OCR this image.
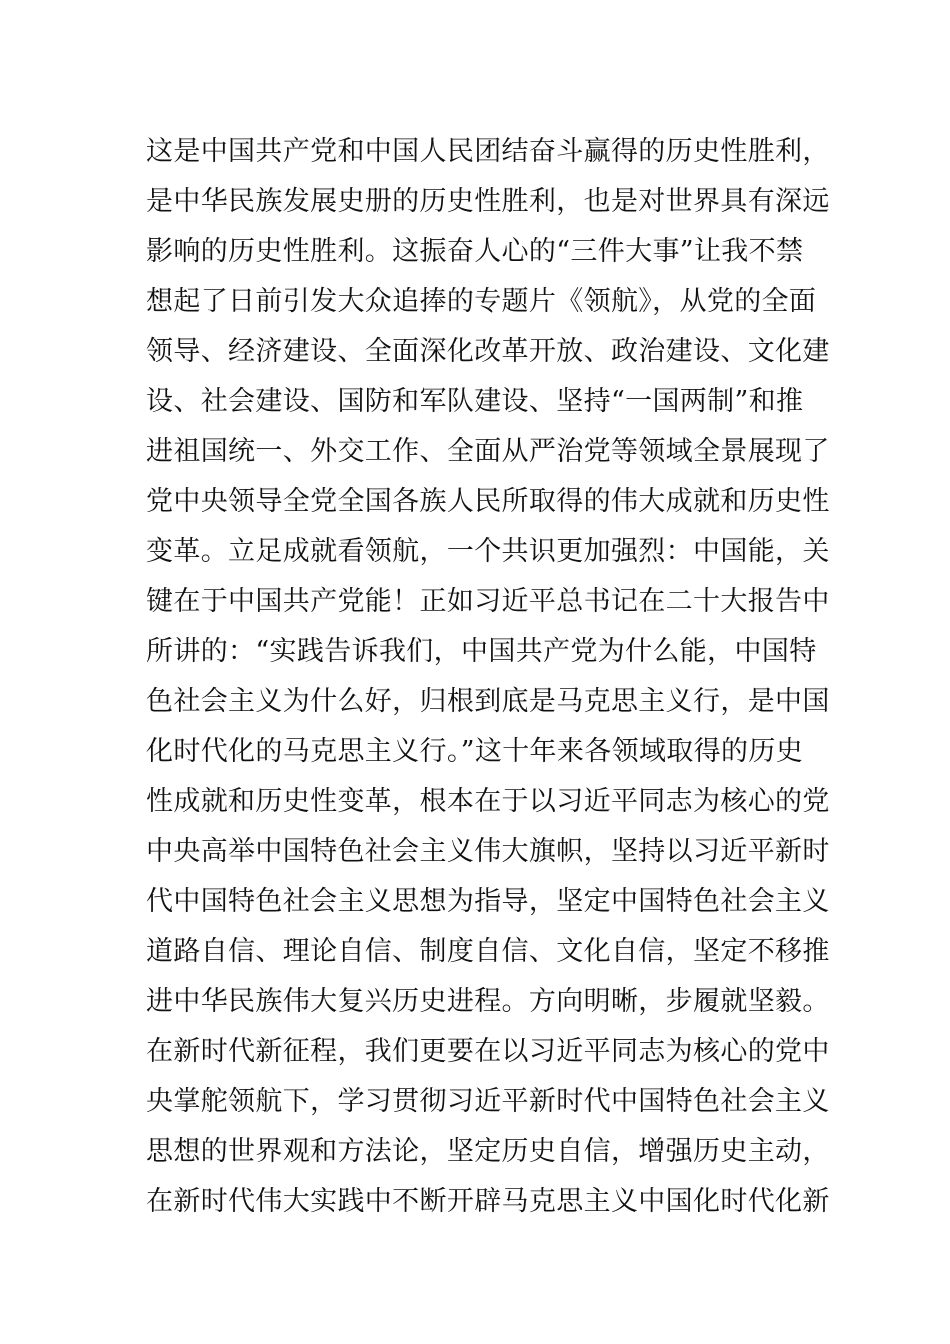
这是中国共产党和中国人民团结奋斗赢得的历史性胜利，
是中华民族发展史册的历史性胜利，也是对世界具有深远
影响的历史性胜利。这振奋人心的“三件大事”让我不禁
想起了日前引发大众追捧的专题片《领航》，从党的全面
领导、经济建设、全面深化改革开放、政治建设、文化建
设、社会建设、国防和军队建设、坚持“一国两制”和推
进祖国统一、外交工作、全面从严治党等领域全景展现了
党中央领导全党全国各族人民所取得的伟大成就和历史性
变革。立足成就看领航，一个共识更加强烈：中国能，关
键在于中国共产党能！正如习近平总书记在二十大报告中
所讲的：“实践告诉我们，中国共产党为什么能，中国特
色社会主义为什么好，归根到底是马克思主义行，是中国
化时代化的马克思主义行。”这十年来各领域取得的历史
性成就和历史性变革，根本在于以习近平同志为核心的党
中央高举中国特色社会主义伟大旗帜，坚持以习近平新时
代中国特色社会主义思想为指导，坚定中国特色社会主义
道路自信、理论自信、制度自信、文化自信，坚定不移推
进中华民族伟大复兴历史进程。方向明晰，步履就坚毅。
在新时代新征程，我们更要在以习近平同志为核心的党中
央掌舵领航下，学习贯彻习近平新时代中国特色社会主义
思想的世界观和方法论，坚定历史自信，增强历史主动，
在新时代伟大实践中不断开辟马克思主义中国化时代化新
